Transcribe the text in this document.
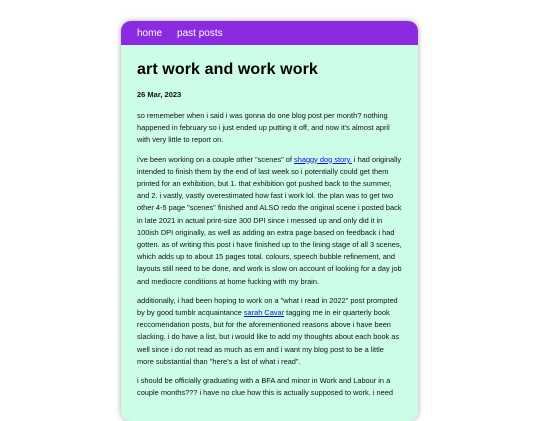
home past posts
art work and work work
26 Mar, 2023

so rememeber when i said i was gonna do one blog post per month? nothing happened in february so i just ended up putting it off, and now it's almost april with very little to report on.

i've been working on a couple other "scenes" of shaggy dog story. i had originally intended to finish them by the end of last week so i potentially could get them printed for an exhibition, but 1. that exhibition got pushed back to the summer, and 2. i vastly, vastly overestimated how fast i work lol. the plan was to get two other 4-5 page "scenes" finished and ALSO redo the original scene i posted back in late 2021 in actual print-size 300 DPI since i messed up and only did it in 100ish DPI originally, as well as adding an extra page based on feedback i had gotten. as of writing this post i have finished up to the lining stage of all 3 scenes, which adds up to about 15 pages total. colours, speech bubble refinement, and layouts still need to be done, and work is slow on account of looking for a day job and mediocre conditions at home fucking with my brain.

additionally, i had been hoping to work on a "what i read in 2022" post prompted by by good tumblr acquaintance sarah Cavar tagging me in eir quarterly book reccomendation posts, but for the aforementioned reasons above i have been slacking. i do have a list, but i would like to add my thoughts about each book as well since i do not read as much as em and i want my blog post to be a little more substantial than "here's a list of what i read".

i should be officially graduating with a BFA and minor in Work and Labour in a couple months??? i have no clue how this is actually supposed to work. i need
